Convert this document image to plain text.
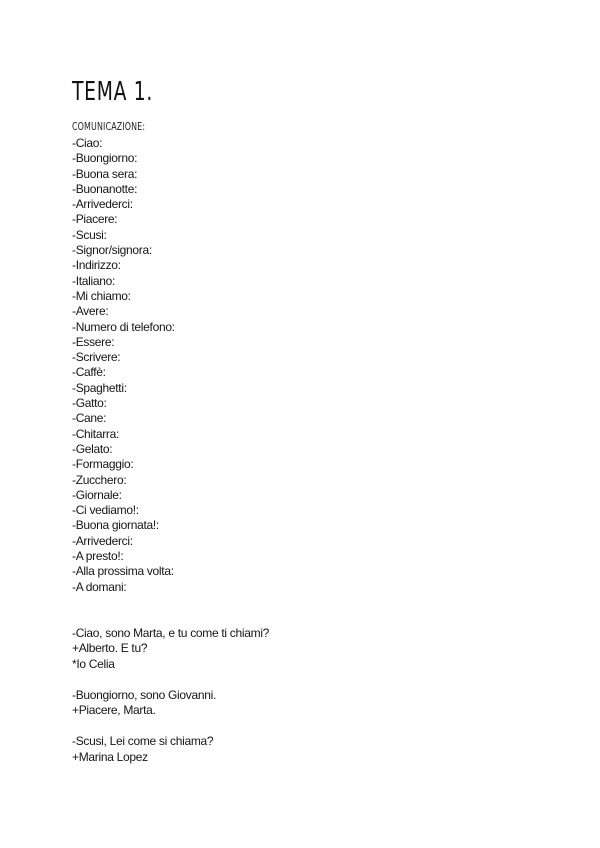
TEMA 1.
COMUNICAZIONE:
-Ciao:
-Buongiorno:
-Buona sera:
-Buonanotte:
-Arrivederci:
-Piacere:
-Scusi:
-Signor/signora:
-Indirizzo:
-Italiano:
-Mi chiamo:
-Avere:
-Numero di telefono:
-Essere:
-Scrivere:
-Caffè:
-Spaghetti:
-Gatto:
-Cane:
-Chitarra:
-Gelato:
-Formaggio:
-Zucchero:
-Giornale:
-Ci vediamo!:
-Buona giornata!:
-Arrivederci:
-A presto!:
-Alla prossima volta:
-A domani:
-Ciao, sono Marta, e tu come ti chiami?
+Alberto. E tu?
*Io Celia
-Buongiorno, sono Giovanni.
+Piacere, Marta.
-Scusi, Lei come si chiama?
+Marina Lopez
